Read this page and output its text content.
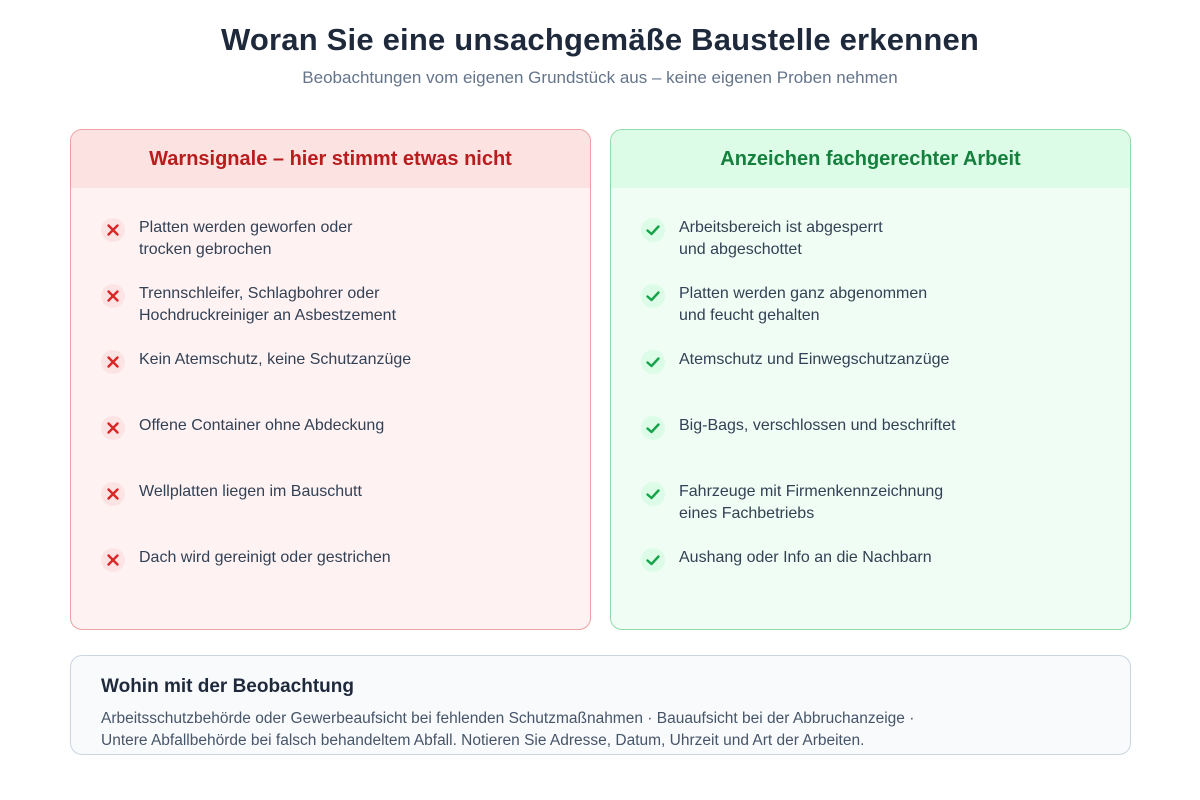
Woran Sie eine unsachgemäße Baustelle erkennen
Beobachtungen vom eigenen Grundstück aus – keine eigenen Proben nehmen
Warnsignale – hier stimmt etwas nicht
Platten werden geworfen oder
trocken gebrochen
Trennschleifer, Schlagbohrer oder
Hochdruckreiniger an Asbestzement
Kein Atemschutz, keine Schutzanzüge
Offene Container ohne Abdeckung
Wellplatten liegen im Bauschutt
Dach wird gereinigt oder gestrichen
Anzeichen fachgerechter Arbeit
Arbeitsbereich ist abgesperrt
und abgeschottet
Platten werden ganz abgenommen
und feucht gehalten
Atemschutz und Einwegschutzanzüge
Big-Bags, verschlossen und beschriftet
Fahrzeuge mit Firmenkennzeichnung
eines Fachbetriebs
Aushang oder Info an die Nachbarn
Wohin mit der Beobachtung
Arbeitsschutzbehörde oder Gewerbeaufsicht bei fehlenden Schutzmaßnahmen · Bauaufsicht bei der Abbruchanzeige ·
Untere Abfallbehörde bei falsch behandeltem Abfall. Notieren Sie Adresse, Datum, Uhrzeit und Art der Arbeiten.
